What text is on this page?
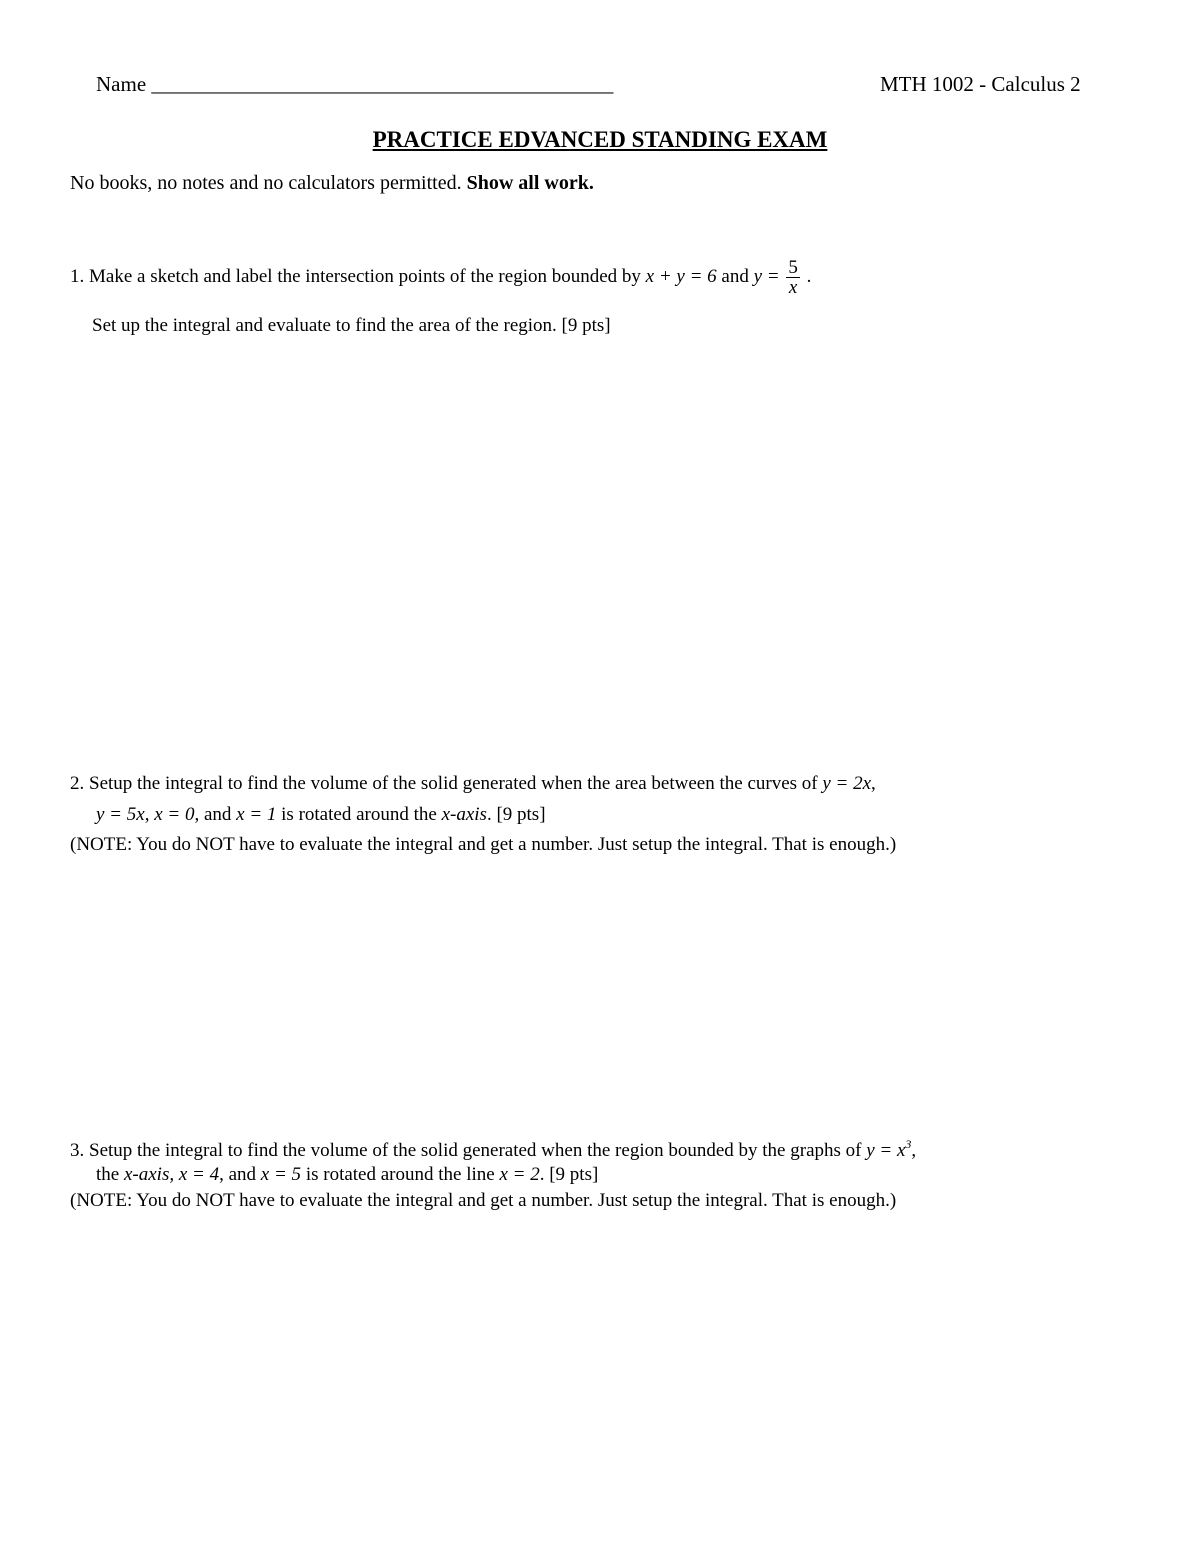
Name ____________________________________________	MTH 1002 - Calculus 2
PRACTICE EDVANCED STANDING EXAM
No books, no notes and no calculators permitted. Show all work.
1. Make a sketch and label the intersection points of the region bounded by x + y = 6 and $y = \frac{5}{x}$ .
Set up the integral and evaluate to find the area of the region. [9 pts]
2. Setup the integral to find the volume of the solid generated when the area between the curves of y = 2x,
y = 5x, x = 0, and x = 1 is rotated around the x-axis. [9 pts]
(NOTE: You do NOT have to evaluate the integral and get a number. Just setup the integral. That is enough.)
3. Setup the integral to find the volume of the solid generated when the region bounded by the graphs of $y = x^3$,
the x-axis, x = 4, and x = 5 is rotated around the line x = 2. [9 pts]
(NOTE: You do NOT have to evaluate the integral and get a number. Just setup the integral. That is enough.)
